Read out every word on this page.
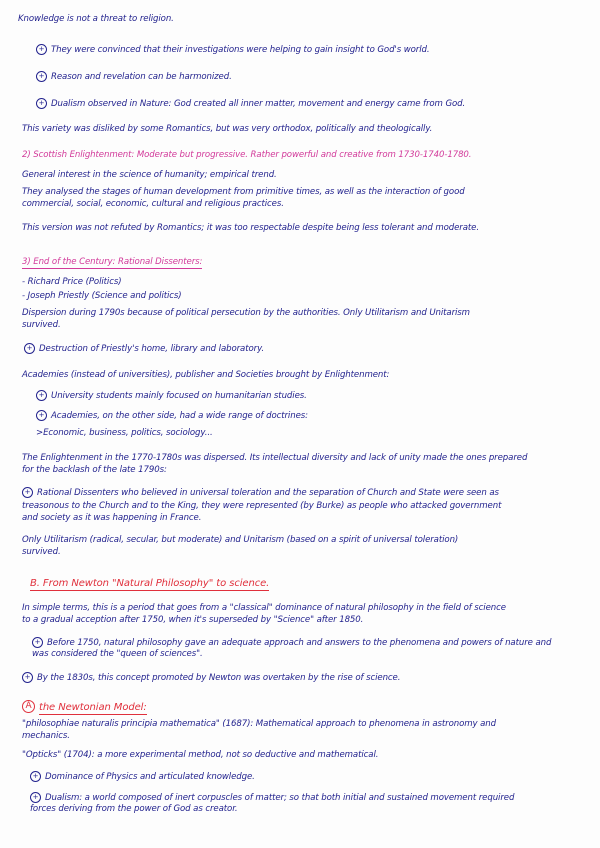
Knowledge is not a threat to religion.
+ They were convinced that their investigations were helping to gain insight to God's world.
+ Reason and revelation can be harmonized.
+ Dualism observed in Nature: God created all inner matter, movement and energy came from God.
This variety was disliked by some Romantics, but was very orthodox, politically and theologically.
2) Scottish Enlightenment: Moderate but progressive. Rather powerful and creative from 1730-1740-1780.
General interest in the science of humanity; empirical trend.
They analysed the stages of human development from primitive times, as well as the interaction of good
commercial, social, economic, cultural and religious practices.
This version was not refuted by Romantics; it was too respectable despite being less tolerant and moderate.
3) End of the Century: Rational Dissenters:
- Richard Price (Politics)
- Joseph Priestly (Science and politics)
Dispersion during 1790s because of political persecution by the authorities. Only Utilitarism and Unitarism
survived.
+ Destruction of Priestly's home, library and laboratory.
Academies (instead of universities), publisher and Societies brought by Enlightenment:
+ University students mainly focused on humanitarian studies.
+ Academies, on the other side, had a wide range of doctrines:
>Economic, business, politics, sociology...
The Enlightenment in the 1770-1780s was dispersed. Its intellectual diversity and lack of unity made the ones prepared
for the backlash of the late 1790s:
+ Rational Dissenters who believed in universal toleration and the separation of Church and State were seen as
treasonous to the Church and to the King, they were represented (by Burke) as people who attacked government
and society as it was happening in France.
Only Utilitarism (radical, secular, but moderate) and Unitarism (based on a spirit of universal toleration)
survived.
B. From Newton "Natural Philosophy" to science.
In simple terms, this is a period that goes from a "classical" dominance of natural philosophy in the field of science
to a gradual acception after 1750, when it's superseded by "Science" after 1850.
+ Before 1750, natural philosophy gave an adequate approach and answers to the phenomena and powers of nature and
was considered the "queen of sciences".
+ By the 1830s, this concept promoted by Newton was overtaken by the rise of science.
A the Newtonian Model:
"philosophiae naturalis principia mathematica" (1687): Mathematical approach to phenomena in astronomy and
mechanics.
"Opticks" (1704): a more experimental method, not so deductive and mathematical.
+ Dominance of Physics and articulated knowledge.
+ Dualism: a world composed of inert corpuscles of matter; so that both initial and sustained movement required
forces deriving from the power of God as creator.
